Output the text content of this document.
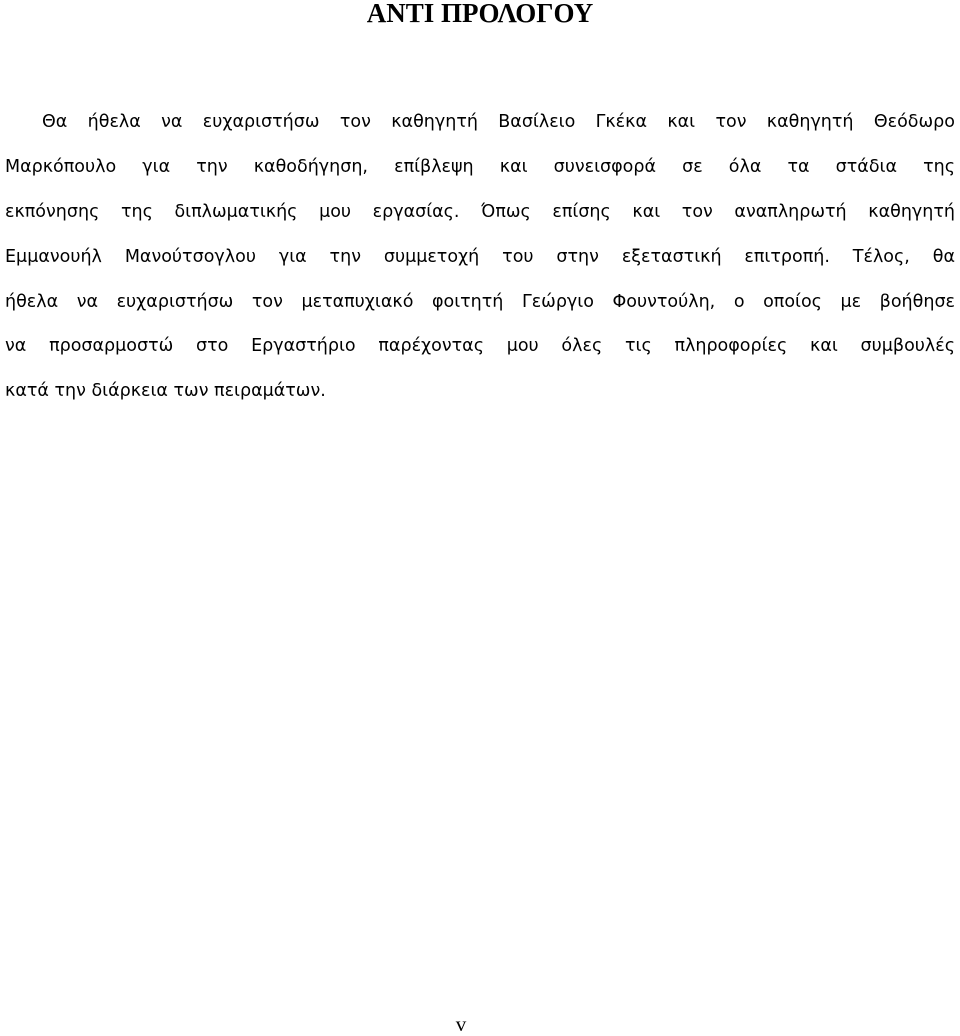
ΑΝΤΙ ΠΡΟΛΟΓΟΥ
Θα ήθελα να ευχαριστήσω τον καθηγητή Βασίλειο Γκέκα και τον καθηγητή Θεόδωρο
Μαρκόπουλο για την καθοδήγηση, επίβλεψη και συνεισφορά σε όλα τα στάδια της
εκπόνησης της διπλωματικής μου εργασίας. Όπως επίσης και τον αναπληρωτή καθηγητή
Εμμανουήλ Μανούτσογλου για την συμμετοχή του στην εξεταστική επιτροπή. Τέλος, θα
ήθελα να ευχαριστήσω τον μεταπυχιακό φοιτητή Γεώργιο Φουντούλη, ο οποίος με βοήθησε
να προσαρμοστώ στο Εργαστήριο παρέχοντας μου όλες τις πληροφορίες και συμβουλές
κατά την διάρκεια των πειραμάτων.
v
